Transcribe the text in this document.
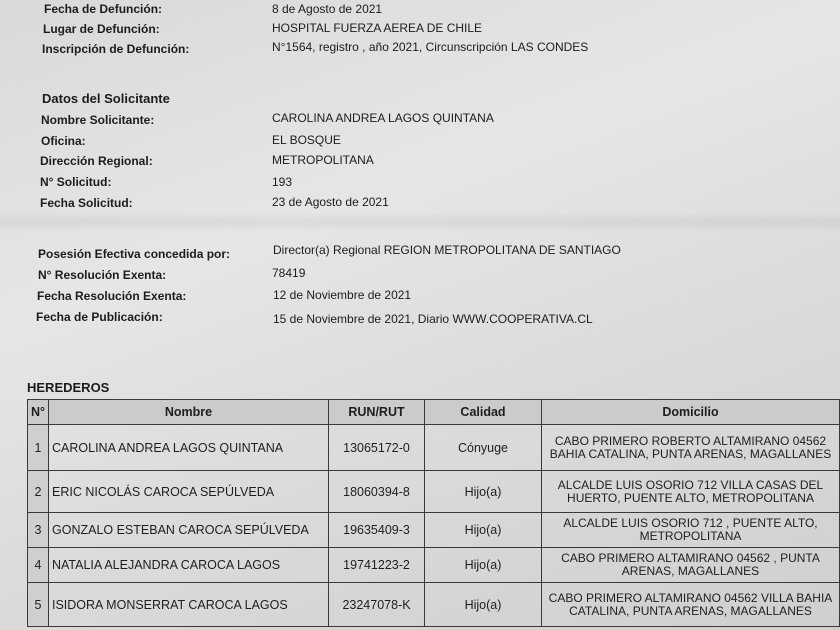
Fecha de Defunción:	8 de Agosto de 2021
Lugar de Defunción:	HOSPITAL FUERZA AEREA DE CHILE
Inscripción de Defunción:	N°1564, registro , año 2021, Circunscripción LAS CONDES
Datos del Solicitante
Nombre Solicitante:	CAROLINA ANDREA LAGOS QUINTANA
Oficina:	EL BOSQUE
Dirección Regional:	METROPOLITANA
N° Solicitud:	193
Fecha Solicitud:	23 de Agosto de 2021
Posesión Efectiva concedida por:	Director(a) Regional REGION METROPOLITANA DE SANTIAGO
N° Resolución Exenta:	78419
Fecha Resolución Exenta:	12 de Noviembre de 2021
Fecha de Publicación:	15 de Noviembre de 2021, Diario WWW.COOPERATIVA.CL
HEREDEROS
N°	Nombre	RUN/RUT	Calidad	Domicilio
1	CAROLINA ANDREA LAGOS QUINTANA	13065172-0	Cónyuge	CABO PRIMERO ROBERTO ALTAMIRANO 04562 BAHIA CATALINA, PUNTA ARENAS, MAGALLANES
2	ERIC NICOLÁS CAROCA SEPÚLVEDA	18060394-8	Hijo(a)	ALCALDE LUIS OSORIO 712 VILLA CASAS DEL HUERTO, PUENTE ALTO, METROPOLITANA
3	GONZALO ESTEBAN CAROCA SEPÚLVEDA	19635409-3	Hijo(a)	ALCALDE LUIS OSORIO 712 , PUENTE ALTO, METROPOLITANA
4	NATALIA ALEJANDRA CAROCA LAGOS	19741223-2	Hijo(a)	CABO PRIMERO ALTAMIRANO 04562 , PUNTA ARENAS, MAGALLANES
5	ISIDORA MONSERRAT CAROCA LAGOS	23247078-K	Hijo(a)	CABO PRIMERO ALTAMIRANO 04562 VILLA BAHIA CATALINA, PUNTA ARENAS, MAGALLANES
